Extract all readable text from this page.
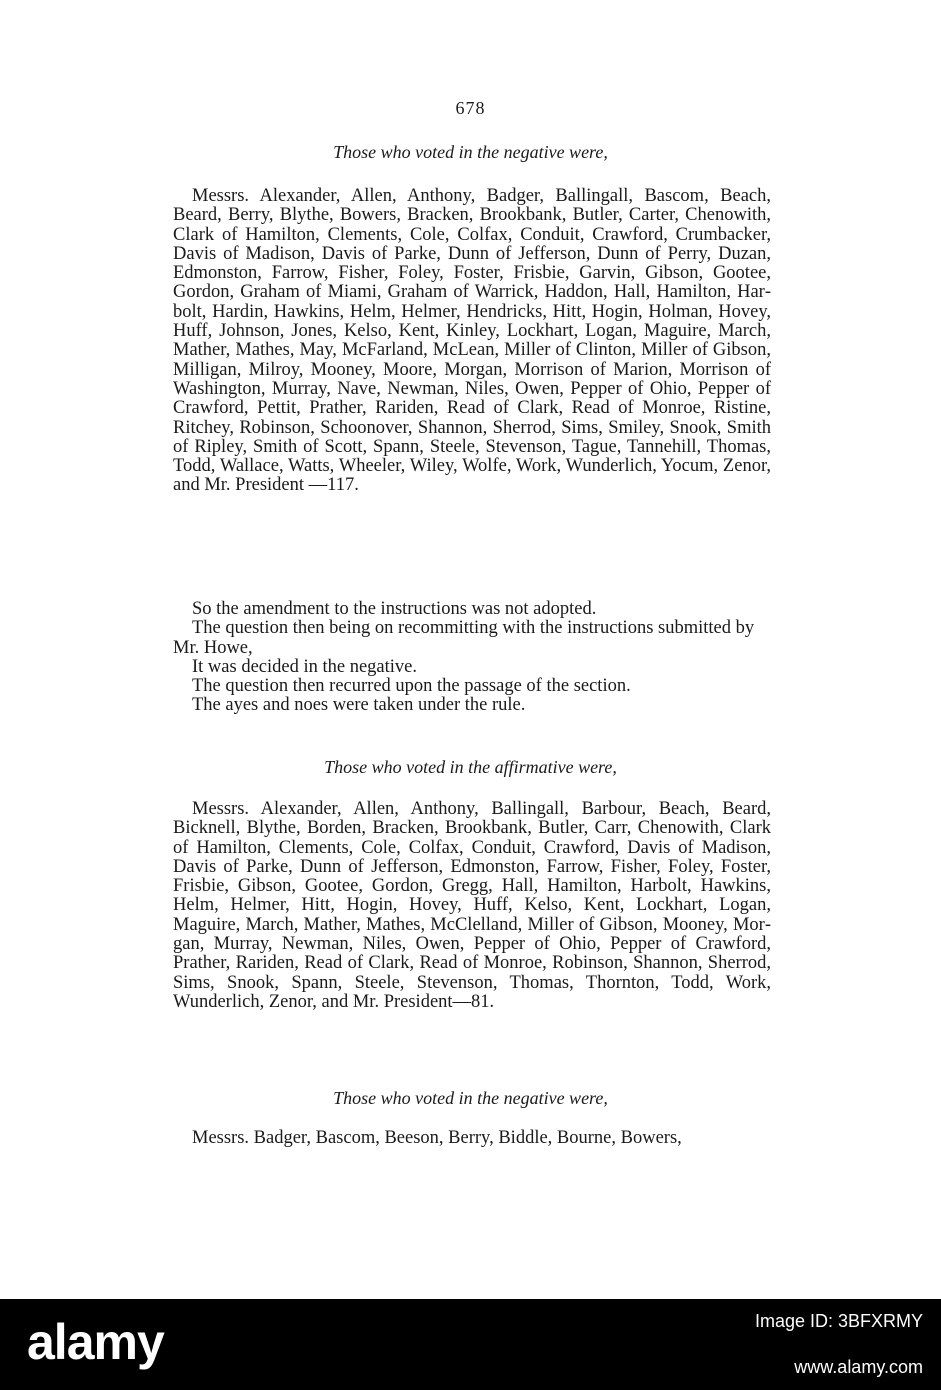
678
Those who voted in the negative were,

Messrs. Alexander, Allen, Anthony, Badger, Ballingall, Bascom, Beach, Beard, Berry, Blythe, Bowers, Bracken, Brookbank, Butler, Carter, Chenowith, Clark of Hamilton, Clements, Cole, Colfax, Conduit, Crawford, Crumbacker, Davis of Madison, Davis of Parke, Dunn of Jefferson, Dunn of Perry, Duzan, Edmonston, Farrow, Fisher, Foley, Foster, Frisbie, Garvin, Gibson, Gootee, Gordon, Graham of Miami, Graham of Warrick, Haddon, Hall, Hamilton, Harbolt, Hardin, Hawkins, Helm, Helmer, Hendricks, Hitt, Hogin, Holman, Hovey, Huff, Johnson, Jones, Kelso, Kent, Kinley, Lockhart, Logan, Maguire, March, Mather, Mathes, May, McFarland, McLean, Miller of Clinton, Miller of Gibson, Milligan, Milroy, Mooney, Moore, Morgan, Morrison of Marion, Morrison of Washington, Murray, Nave, Newman, Niles, Owen, Pepper of Ohio, Pepper of Crawford, Pettit, Prather, Rariden, Read of Clark, Read of Monroe, Ristine, Ritchey, Robinson, Schoonover, Shannon, Sherrod, Sims, Smiley, Snook, Smith of Ripley, Smith of Scott, Spann, Steele, Stevenson, Tague, Tannehill, Thomas, Todd, Wallace, Watts, Wheeler, Wiley, Wolfe, Work, Wunderlich, Yocum, Zenor, and Mr. President —117.

So the amendment to the instructions was not adopted.

The question then being on recommitting with the instructions submitted by Mr. Howe,

It was decided in the negative.

The question then recurred upon the passage of the section.

The ayes and noes were taken under the rule.

Those who voted in the affirmative were,

Messrs. Alexander, Allen, Anthony, Ballingall, Barbour, Beach, Beard, Bicknell, Blythe, Borden, Bracken, Brookbank, Butler, Carr, Chenowith, Clark of Hamilton, Clements, Cole, Colfax, Conduit, Crawford, Davis of Madison, Davis of Parke, Dunn of Jefferson, Edmonston, Farrow, Fisher, Foley, Foster, Frisbie, Gibson, Gootee, Gordon, Gregg, Hall, Hamilton, Harbolt, Hawkins, Helm, Helmer, Hitt, Hogin, Hovey, Huff, Kelso, Kent, Lockhart, Logan, Maguire, March, Mather, Mathes, McClelland, Miller of Gibson, Mooney, Morgan, Murray, Newman, Niles, Owen, Pepper of Ohio, Pepper of Crawford, Prather, Rariden, Read of Clark, Read of Monroe, Robinson, Shannon, Sherrod, Sims, Snook, Spann, Steele, Stevenson, Thomas, Thornton, Todd, Work, Wunderlich, Zenor, and Mr. President—81.

Those who voted in the negative were,

Messrs. Badger, Bascom, Beeson, Berry, Biddle, Bourne, Bowers,

alamy	Image ID: 3BFXRMY
www.alamy.com
